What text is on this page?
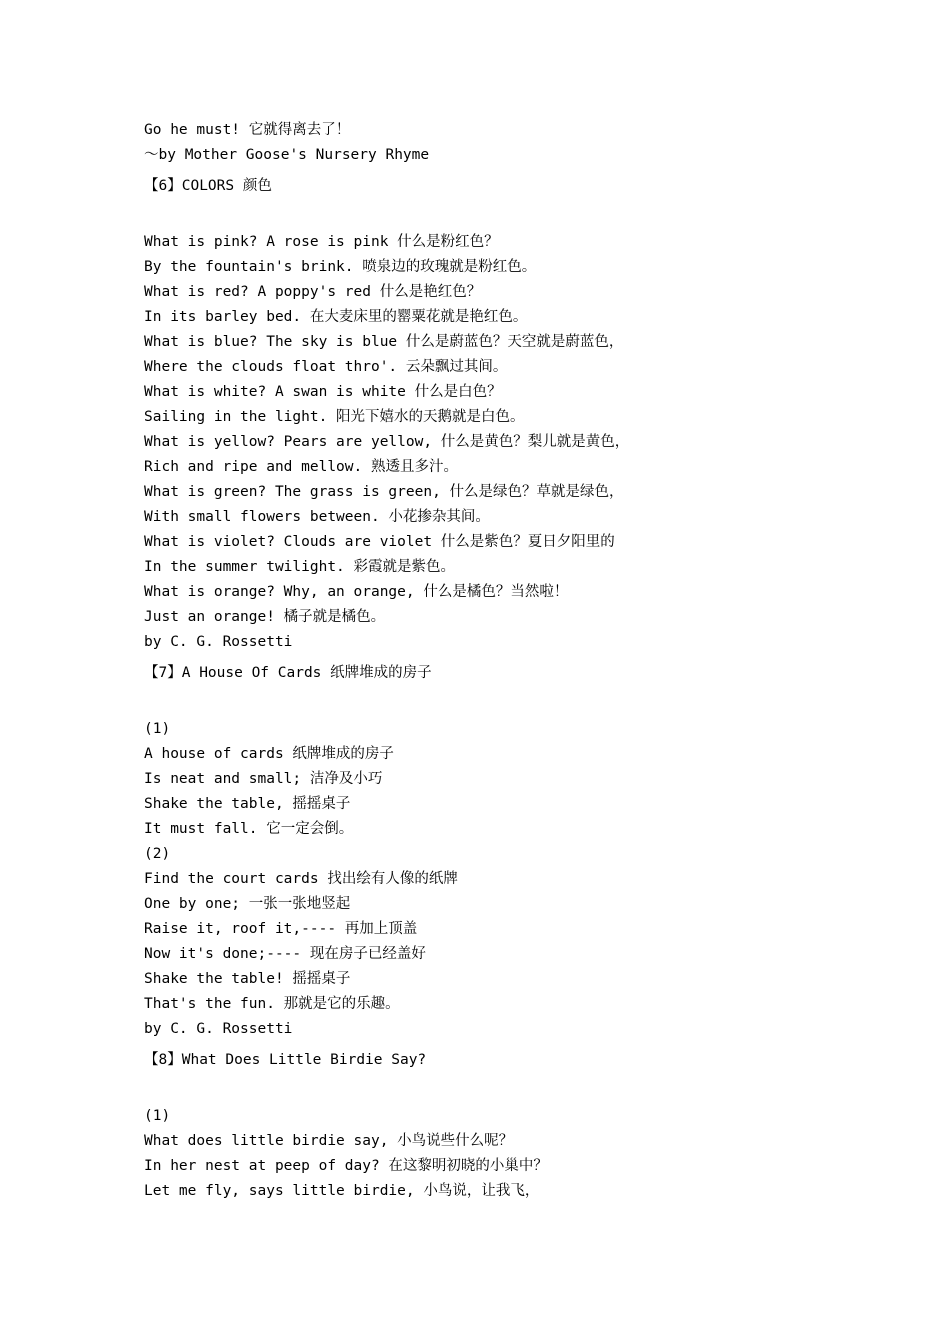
Go he must! 它就得离去了！
～by Mother Goose's Nursery Rhyme
【6】COLORS 颜色
What is pink? A rose is pink 什么是粉红色？
By the fountain's brink. 喷泉边的玫瑰就是粉红色。
What is red? A poppy's red 什么是艳红色？
In its barley bed. 在大麦床里的罂粟花就是艳红色。
What is blue? The sky is blue 什么是蔚蓝色？天空就是蔚蓝色，
Where the clouds float thro'. 云朵飘过其间。
What is white? A swan is white 什么是白色？
Sailing in the light. 阳光下嬉水的天鹅就是白色。
What is yellow? Pears are yellow, 什么是黄色？梨儿就是黄色，
Rich and ripe and mellow. 熟透且多汁。
What is green? The grass is green, 什么是绿色？草就是绿色，
With small flowers between. 小花掺杂其间。
What is violet? Clouds are violet 什么是紫色？夏日夕阳里的
In the summer twilight. 彩霞就是紫色。
What is orange? Why, an orange, 什么是橘色？当然啦！
Just an orange! 橘子就是橘色。
by C. G. Rossetti
【7】A House Of Cards 纸牌堆成的房子
(1)
A house of cards 纸牌堆成的房子
Is neat and small; 洁净及小巧
Shake the table, 摇摇桌子
It must fall. 它一定会倒。
(2)
Find the court cards 找出绘有人像的纸牌
One by one; 一张一张地竖起
Raise it, roof it,---- 再加上顶盖
Now it's done;---- 现在房子已经盖好
Shake the table! 摇摇桌子
That's the fun. 那就是它的乐趣。
by C. G. Rossetti
【8】What Does Little Birdie Say?
(1)
What does little birdie say, 小鸟说些什么呢？
In her nest at peep of day? 在这黎明初晓的小巢中？
Let me fly, says little birdie, 小鸟说，让我飞，
